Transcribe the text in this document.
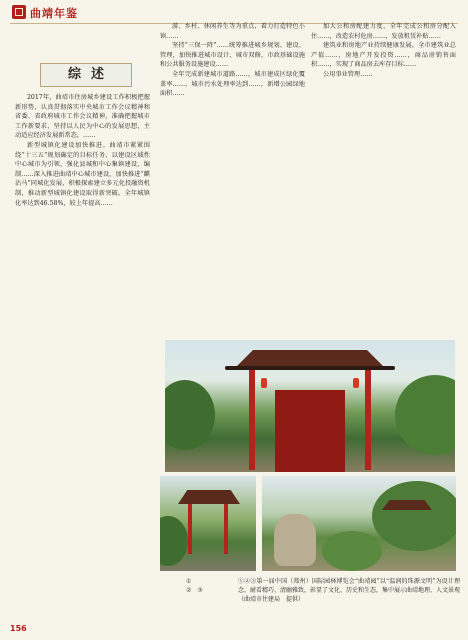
曲靖年鉴
综述

2017年，曲靖市住房城乡建设工作积极把握新形势，认真贯彻落实中央城市工作会议精神和省委、省政府城市工作会议精神，准确把握城市工作新要求，坚持以人民为中心的发展思想，主动适应经济发展新常态，……

新型城镇化建设加快推进。曲靖市紧紧围绕“十三五”规划确定的目标任务，以建设区域性中心城市为引领，强化县城和中心集镇建设，编制……深入推进曲靖中心城市建设，加快推进“麒沾马”同城化发展，积极探索建立多元化投融资机制，推动新型城镇化建设取得新突破。全年城镇化率达到46.58%，较上年提高……

游、乡村、休闲养生等为重点，着力打造特色小镇……

坚持“三保一降”……统筹推进城乡规划、建设、管理，加快推进城市设计、城市双修，市政基础设施和公共服务设施建设……

全年完成新建城市道路……，城市建成区绿化覆盖率……，城市污水处理率达到……，新增公园绿地面积……

加大公租房配建力度，全年完成公租房分配入住……，改造农村危房……，发放租赁补贴……

建筑业和房地产业持续健康发展。全市建筑业总产值……，房地产开发投资……，商品房销售面积……，实现了商品房去库存目标……

公用事业管理……

156
①
② ③
①②③第一届中国（郑州）国际园林博览会“曲靖园”以“温润的珠源文明”为设计理念，耐看精巧、清幽雅致，彰显了文化、历史和生态，集中展示曲靖地理、人文景观（曲靖市住建局　提供）
